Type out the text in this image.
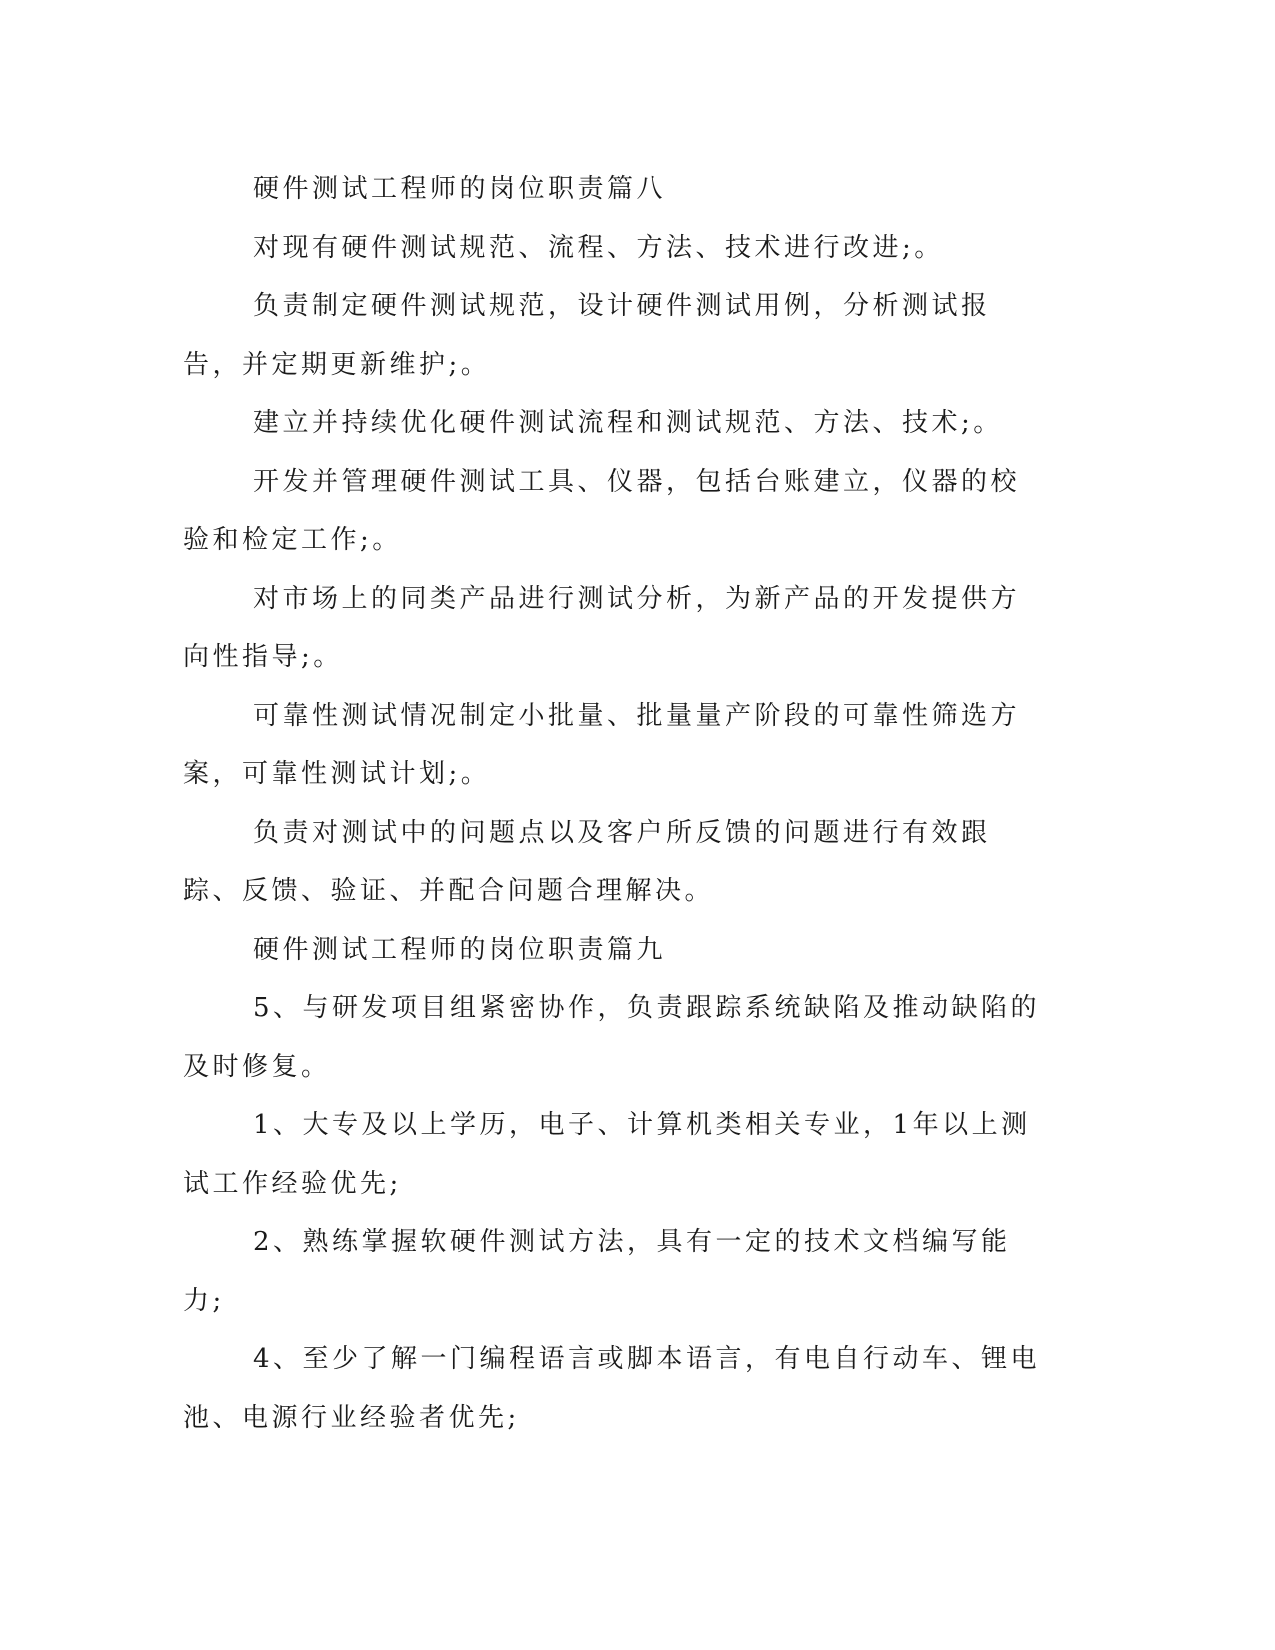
硬件测试工程师的岗位职责篇八

对现有硬件测试规范、流程、方法、技术进行改进;。

负责制定硬件测试规范，设计硬件测试用例，分析测试报告，并定期更新维护;。

建立并持续优化硬件测试流程和测试规范、方法、技术;。

开发并管理硬件测试工具、仪器，包括台账建立，仪器的校验和检定工作;。

对市场上的同类产品进行测试分析，为新产品的开发提供方向性指导;。

可靠性测试情况制定小批量、批量量产阶段的可靠性筛选方案，可靠性测试计划;。

负责对测试中的问题点以及客户所反馈的问题进行有效跟踪、反馈、验证、并配合问题合理解决。

硬件测试工程师的岗位职责篇九

5、与研发项目组紧密协作，负责跟踪系统缺陷及推动缺陷的及时修复。

1、大专及以上学历，电子、计算机类相关专业，1年以上测试工作经验优先;

2、熟练掌握软硬件测试方法，具有一定的技术文档编写能力;

4、至少了解一门编程语言或脚本语言，有电自行动车、锂电池、电源行业经验者优先;
